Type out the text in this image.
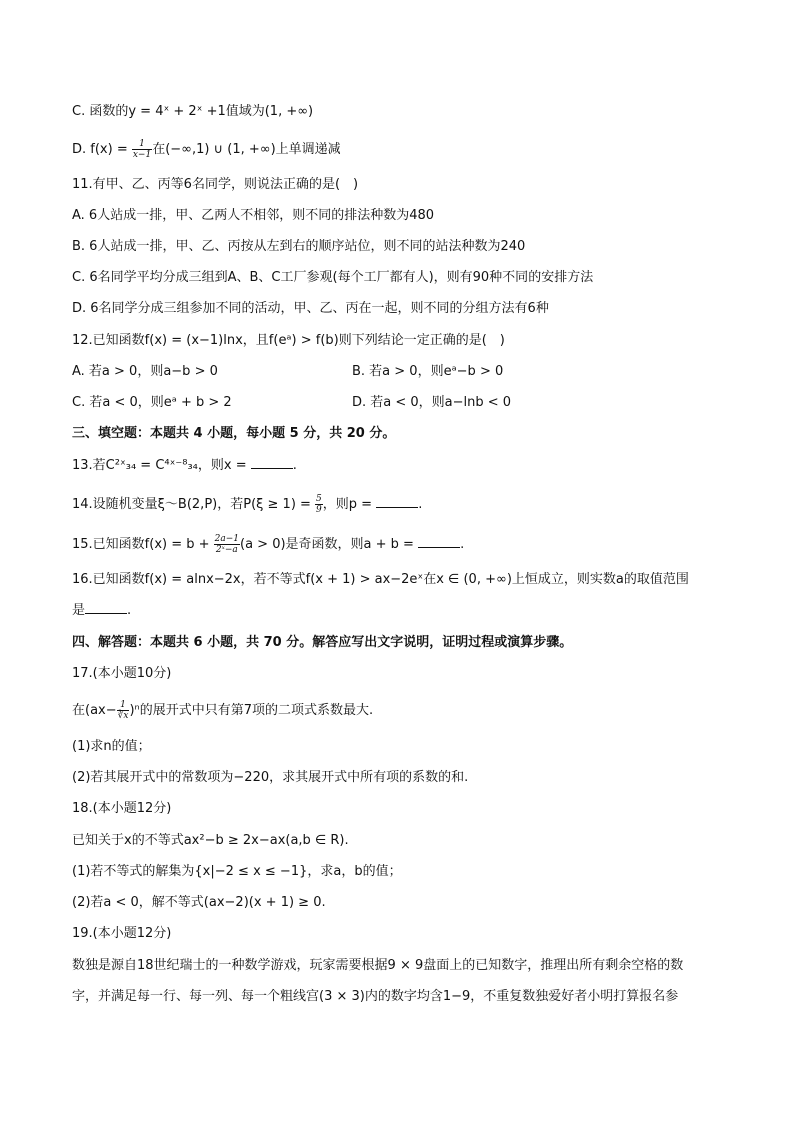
C. 函数的y = 4ˣ + 2ˣ +1值域为(1, +∞)
D. $f(x) = \frac{1}{x-1}$ 在(−∞,1) ∪ (1, +∞)上单调递减
11.有甲、乙、丙等6名同学，则说法正确的是(　)
A. 6人站成一排，甲、乙两人不相邻，则不同的排法种数为480
B. 6人站成一排，甲、乙、丙按从左到右的顺序站位，则不同的站法种数为240
C. 6名同学平均分成三组到A、B、C工厂参观(每个工厂都有人)，则有90种不同的安排方法
D. 6名同学分成三组参加不同的活动，甲、乙、丙在一起，则不同的分组方法有6种
12.已知函数f(x) = (x−1)lnx，且f(eᵃ) > f(b)则下列结论一定正确的是(　)
A. 若a > 0，则a−b > 0	B. 若a > 0，则eᵃ−b > 0
C. 若a < 0，则eᵃ + b > 2	D. 若a < 0，则a−lnb < 0
三、填空题：本题共 4 小题，每小题 5 分，共 20 分。
13.若C²ˣ₃₄ = C⁴ˣ⁻⁸₃₄，则x =	.
14.设随机变量ξ～B(2,P)，若$P(\xi \ge 1) = \frac{5}{9}$ ，则p =	.
15.已知函数$f(x) = b + \frac{2a-1}{\text{2ˣ−a}} (a > 0)$是奇函数，则a + b =	.
16.已知函数f(x) = alnx−2x，若不等式f(x + 1) > ax−2eˣ在x ∈ (0, +∞)上恒成立，则实数a的取值范围
是	.
四、解答题：本题共 6 小题，共 70 分。解答应写出文字说明，证明过程或演算步骤。
17.(本小题10分)
在$(ax- \frac{1}{∛x} )^n$的展开式中只有第7项的二项式系数最大.
(1)求n的值；
(2)若其展开式中的常数项为−220，求其展开式中所有项的系数的和.
18.(本小题12分)
已知关于x的不等式ax²−b ≥ 2x−ax(a,b ∈ R).
(1)若不等式的解集为{x|−2 ≤ x ≤ −1}，求a，b的值；
(2)若a < 0，解不等式(ax−2)(x + 1) ≥ 0.
19.(本小题12分)
数独是源自18世纪瑞士的一种数学游戏，玩家需要根据9 × 9盘面上的已知数字，推理出所有剩余空格的数
字，并满足每一行、每一列、每一个粗线宫(3 × 3)内的数字均含1−9，不重复数独爱好者小明打算报名参
